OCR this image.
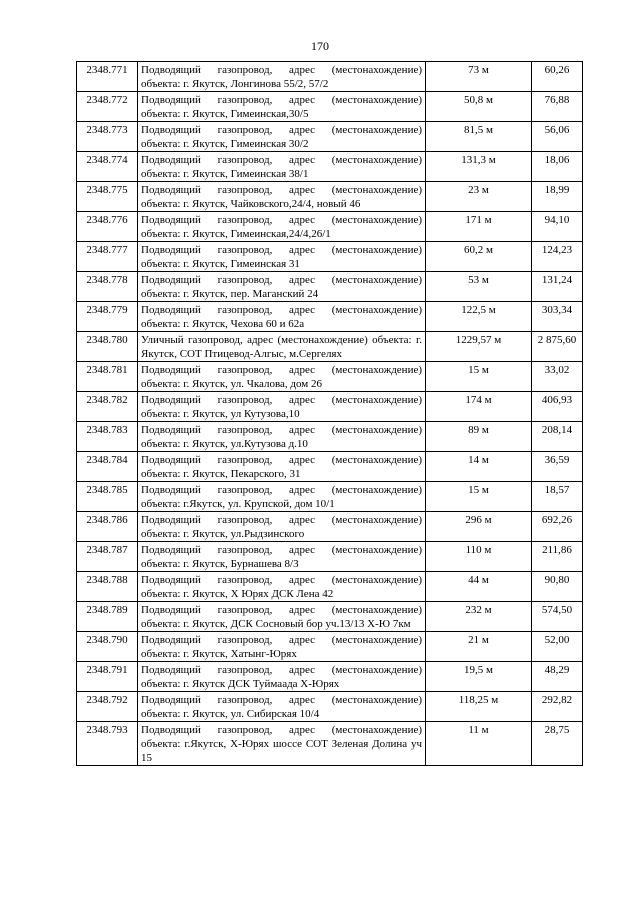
170
2348.771	Подводящий газопровод, адрес (местонахождение) объекта: г. Якутск, Лонгинова 55/2, 57/2	73 м	60,26
2348.772	Подводящий газопровод, адрес (местонахождение) объекта: г. Якутск, Гимеинская,30/5	50,8 м	76,88
2348.773	Подводящий газопровод, адрес (местонахождение) объекта: г. Якутск, Гимеинская 30/2	81,5 м	56,06
2348.774	Подводящий газопровод, адрес (местонахождение) объекта: г. Якутск, Гимеинская 38/1	131,3 м	18,06
2348.775	Подводящий газопровод, адрес (местонахождение) объекта: г. Якутск, Чайковского,24/4, новый 46	23 м	18,99
2348.776	Подводящий газопровод, адрес (местонахождение) объекта: г. Якутск, Гимеинская,24/4,26/1	171 м	94,10
2348.777	Подводящий газопровод, адрес (местонахождение) объекта: г. Якутск, Гимеинская 31	60,2 м	124,23
2348.778	Подводящий газопровод, адрес (местонахождение) объекта: г. Якутск, пер. Маганский 24	53 м	131,24
2348.779	Подводящий газопровод, адрес (местонахождение) объекта: г. Якутск, Чехова 60 и 62а	122,5 м	303,34
2348.780	Уличный газопровод, адрес (местонахождение) объекта: г. Якутск, СОТ Птицевод-Алгыс, м.Сергелях	1229,57 м	2 875,60
2348.781	Подводящий газопровод, адрес (местонахождение) объекта: г. Якутск, ул. Чкалова, дом 26	15 м	33,02
2348.782	Подводящий газопровод, адрес (местонахождение) объекта: г. Якутск, ул Кутузова,10	174 м	406,93
2348.783	Подводящий газопровод, адрес (местонахождение) объекта: г. Якутск, ул.Кутузова д.10	89 м	208,14
2348.784	Подводящий газопровод, адрес (местонахождение) объекта: г. Якутск, Пекарского, 31	14 м	36,59
2348.785	Подводящий газопровод, адрес (местонахождение) объекта: г.Якутск, ул. Крупской, дом 10/1	15 м	18,57
2348.786	Подводящий газопровод, адрес (местонахождение) объекта: г. Якутск, ул.Рыдзинского	296 м	692,26
2348.787	Подводящий газопровод, адрес (местонахождение) объекта: г. Якутск, Бурнашева 8/3	110 м	211,86
2348.788	Подводящий газопровод, адрес (местонахождение) объекта: г. Якутск, Х Юрях ДСК Лена 42	44 м	90,80
2348.789	Подводящий газопровод, адрес (местонахождение) объекта: г. Якутск, ДСК Сосновый бор уч.13/13 Х-Ю 7км	232 м	574,50
2348.790	Подводящий газопровод, адрес (местонахождение) объекта: г. Якутск, Хатынг-Юрях	21 м	52,00
2348.791	Подводящий газопровод, адрес (местонахождение) объекта: г. Якутск ДСК Туймаада Х-Юрях	19,5 м	48,29
2348.792	Подводящий газопровод, адрес (местонахождение) объекта: г. Якутск, ул. Сибирская 10/4	118,25 м	292,82
2348.793	Подводящий газопровод, адрес (местонахождение) объекта: г.Якутск, Х-Юрях шоссе СОТ Зеленая Долина уч 15	11 м	28,75
